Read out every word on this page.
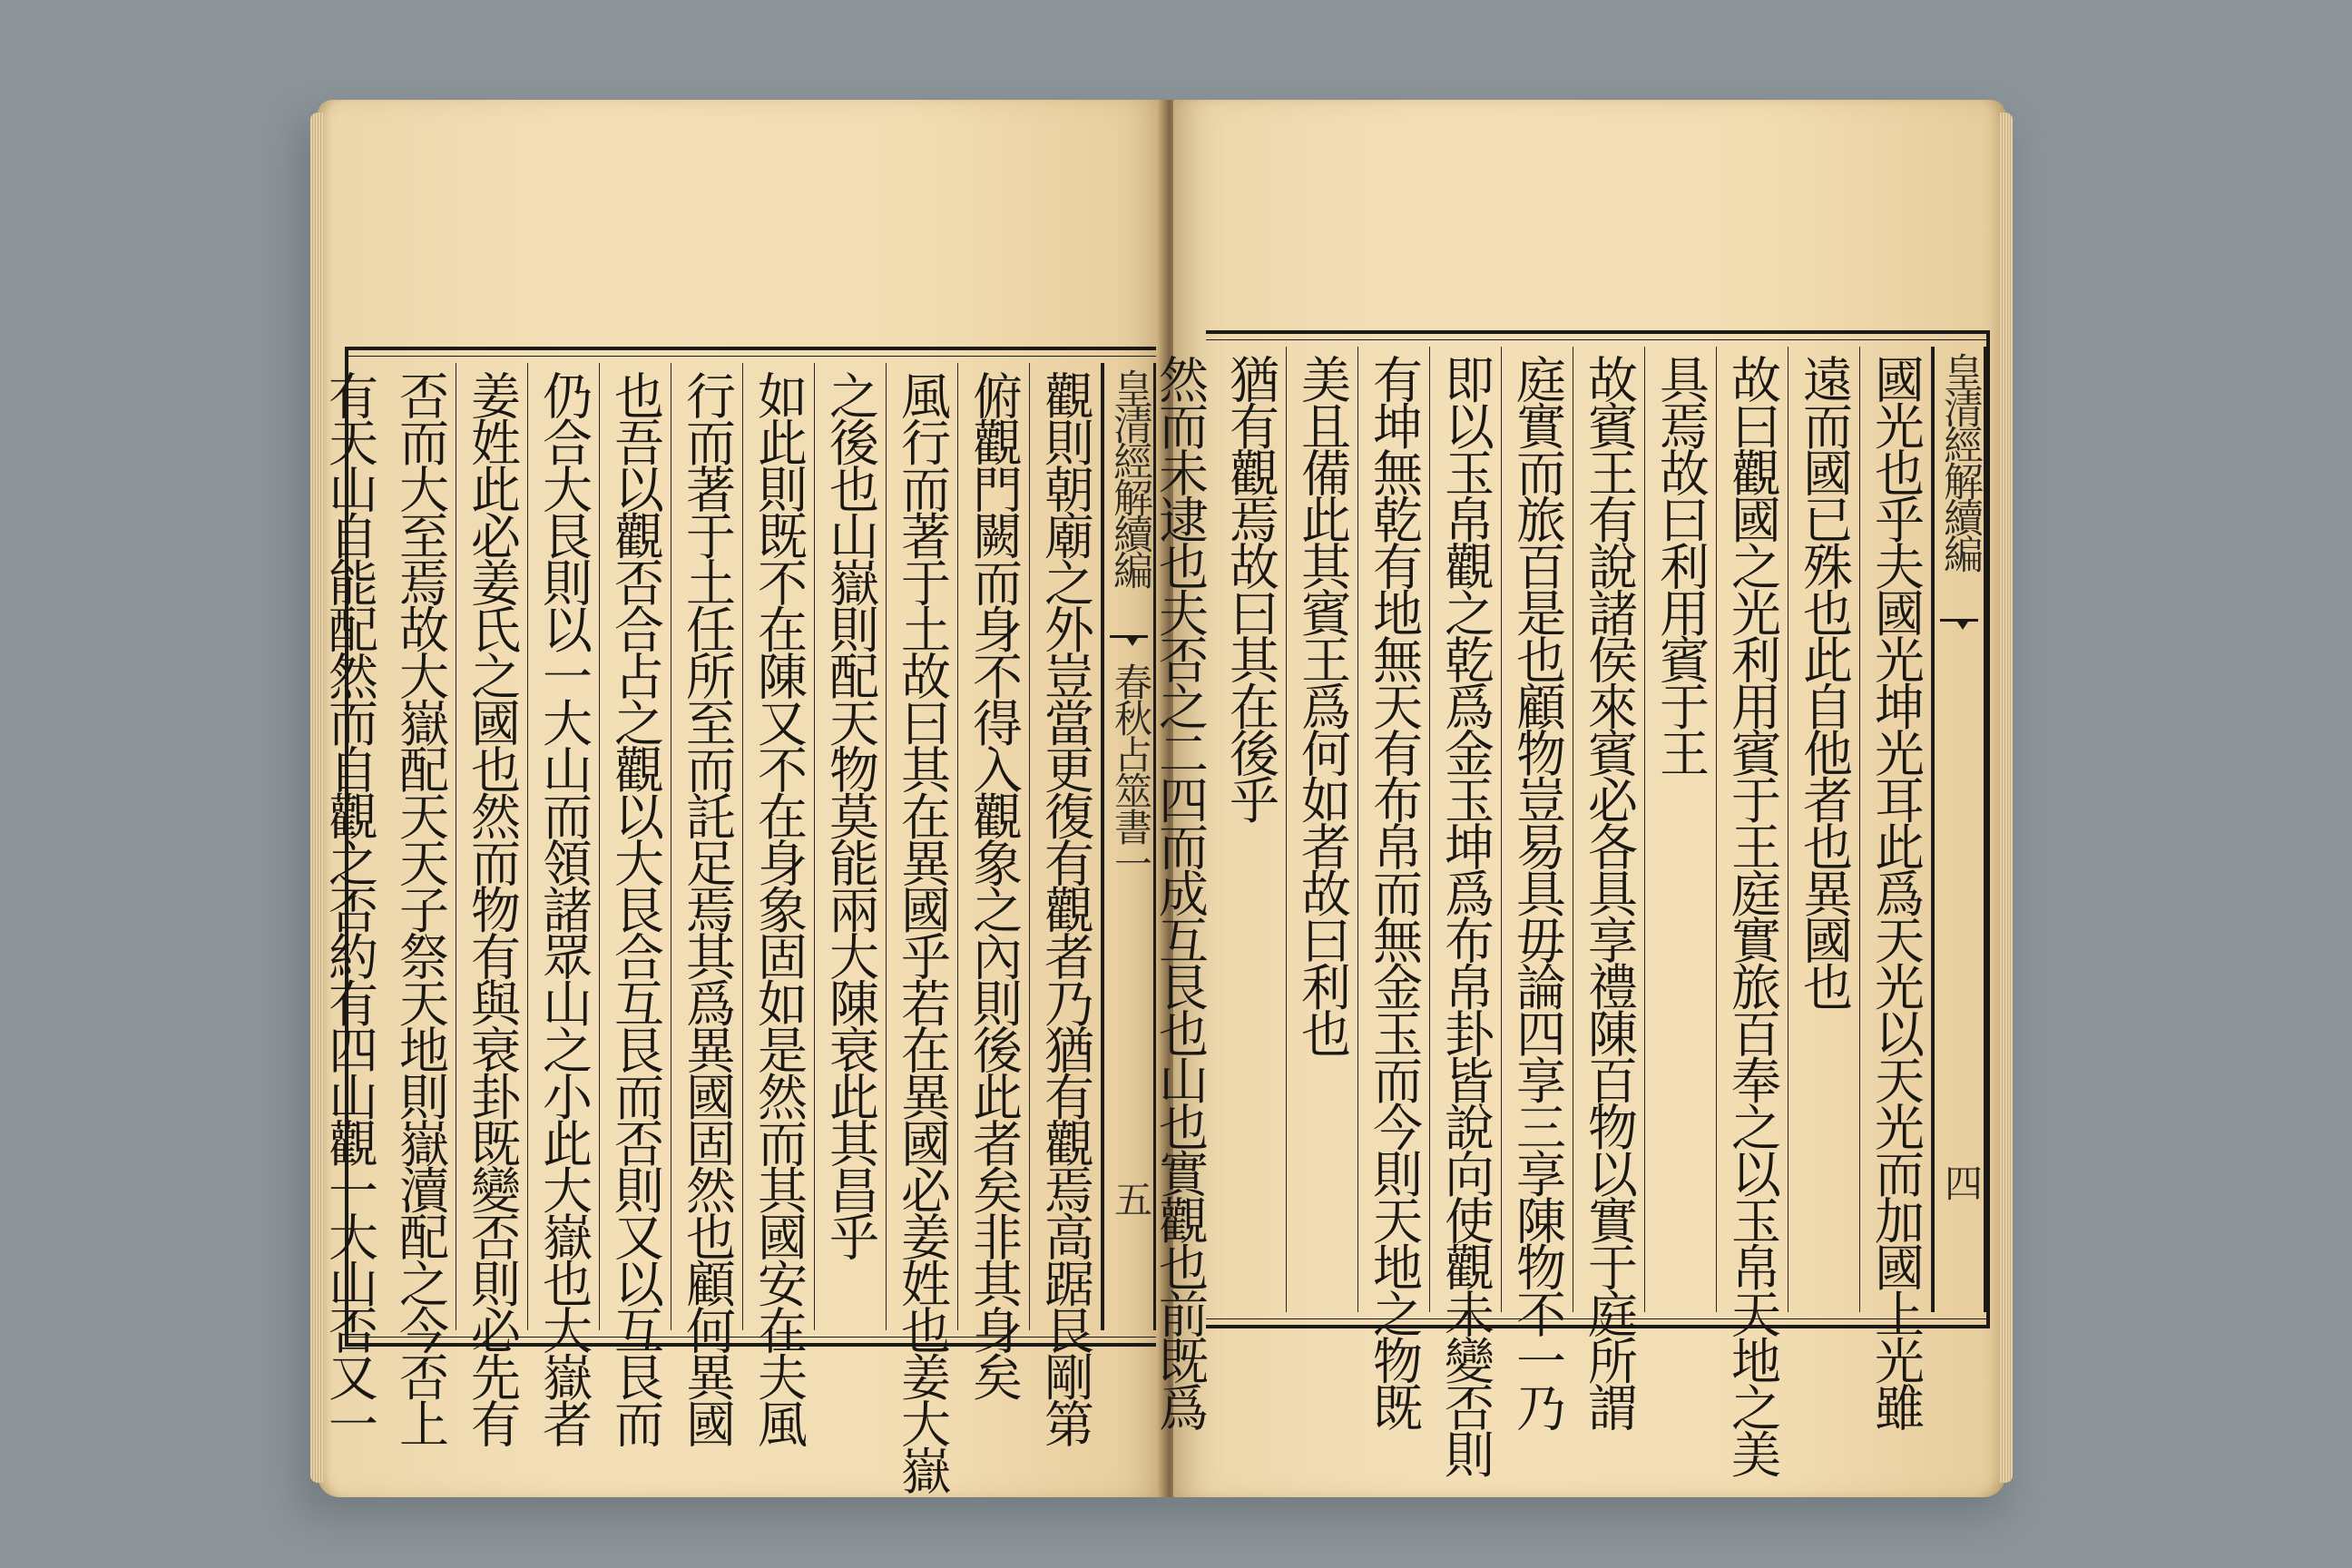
皇清經解續編
春秋占筮書一
五
觀則朝廟之外豈當更復有觀者乃猶有觀焉高踞艮剛第
俯觀門闕而身不得入觀象之內則後此者矣非其身矣
風行而著于土故曰其在異國乎若在異國必姜姓也姜大嶽
之後也山嶽則配天物莫能兩大陳衰此其昌乎
如此則既不在陳又不在身象固如是然而其國安在夫風
行而著于土任所至而託足焉其爲異國固然也顧何異國
也吾以觀否合占之觀以大艮合互艮而否則又以互艮而
仍合大艮則以一大山而領諸眾山之小此大嶽也大嶽者
姜姓此必姜氏之國也然而物有與衰卦既變否則必先有
否而大至焉故大嶽配天天子祭天地則嶽瀆配之今否上
有天山自能配然而自觀之否約有四山觀一大山否又一	皇清經解續編
四
國光也乎夫國光坤光耳此爲天光以天光而加國上光雖
遠而國已殊也此自他者也異國也
故曰觀國之光利用賓于王庭實旅百奉之以玉帛天地之美
具焉故曰利用賓于王
故賓王有說諸侯來賓必各具享禮陳百物以實于庭所謂
庭實而旅百是也顧物豈易具毋論四享三享陳物不一乃
即以玉帛觀之乾爲金玉坤爲布帛卦皆說向使觀未變否則
有坤無乾有地無天有布帛而無金玉而今則天地之物既
美且備此其賓王爲何如者故曰利也
猶有觀焉故曰其在後乎
然而未逮也夫否之二四而成互艮也山也實觀也前既爲
